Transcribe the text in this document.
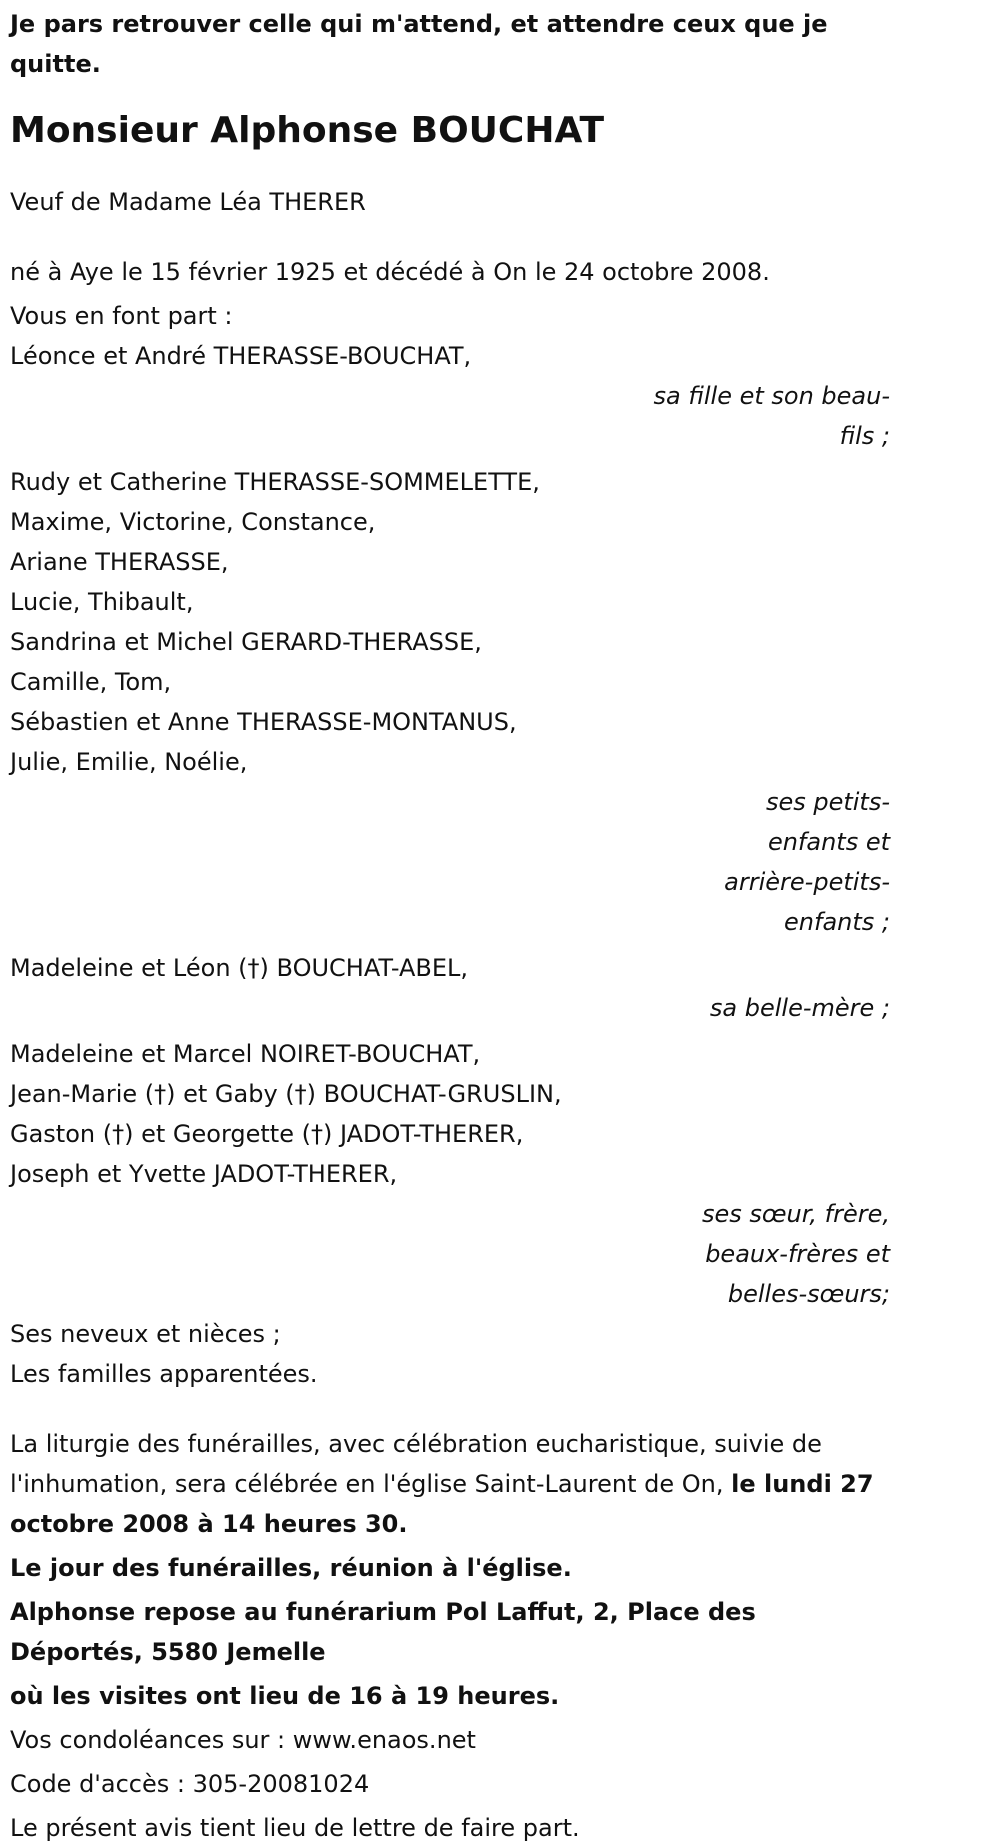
Je pars retrouver celle qui m'attend, et attendre ceux que je quitte.

Monsieur Alphonse BOUCHAT

Veuf de Madame Léa THERER

né à Aye le 15 février 1925 et décédé à On le 24 octobre 2008.

Vous en font part :

Léonce et André THERASSE-BOUCHAT,

sa fille et son beau-fils ;

Rudy et Catherine THERASSE-SOMMELETTE,

Maxime, Victorine, Constance,

Ariane THERASSE,

Lucie, Thibault,

Sandrina et Michel GERARD-THERASSE,

Camille, Tom,

Sébastien et Anne THERASSE-MONTANUS,

Julie, Emilie, Noélie,

ses petits-enfants et arrière-petits-enfants ;

Madeleine et Léon (†) BOUCHAT-ABEL,

sa belle-mère ;

Madeleine et Marcel NOIRET-BOUCHAT,

Jean-Marie (†) et Gaby (†) BOUCHAT-GRUSLIN,

Gaston (†) et Georgette (†) JADOT-THERER,

Joseph et Yvette JADOT-THERER,

ses sœur, frère, beaux-frères et belles-sœurs;

Ses neveux et nièces ;

Les familles apparentées.

La liturgie des funérailles, avec célébration eucharistique, suivie de l'inhumation, sera célébrée en l'église Saint-Laurent de On, le lundi 27 octobre 2008 à 14 heures 30.

Le jour des funérailles, réunion à l'église.

Alphonse repose au funérarium Pol Laffut, 2, Place des Déportés, 5580 Jemelle

où les visites ont lieu de 16 à 19 heures.

Vos condoléances sur : www.enaos.net

Code d'accès : 305-20081024

Le présent avis tient lieu de lettre de faire part.
